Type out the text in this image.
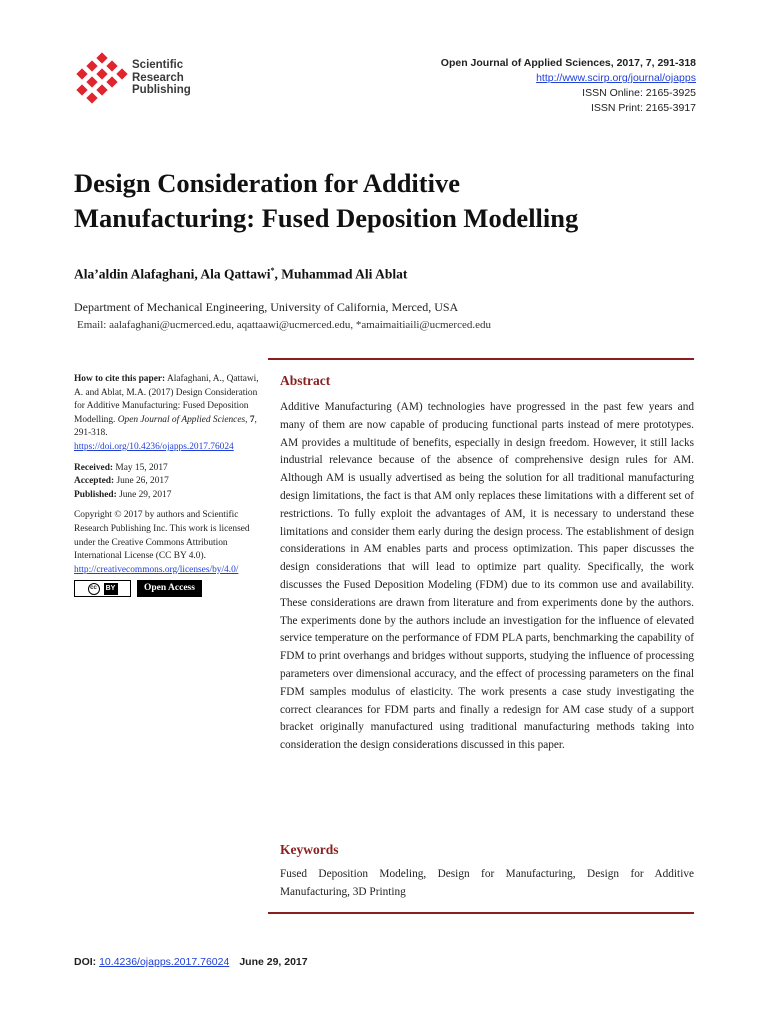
Scientific
Research
Publishing
Open Journal of Applied Sciences, 2017, 7, 291-318
http://www.scirp.org/journal/ojapps
ISSN Online: 2165-3925
ISSN Print: 2165-3917
Design Consideration for Additive
Manufacturing: Fused Deposition Modelling
Ala’aldin Alafaghani, Ala Qattawi*, Muhammad Ali Ablat
Department of Mechanical Engineering, University of California, Merced, USA
Email: aalafaghani@ucmerced.edu, aqattaawi@ucmerced.edu, *amaimaitiaili@ucmerced.edu

How to cite this paper: Alafaghani, A., Qattawi, A. and Ablat, M.A. (2017) Design Consideration for Additive Manufacturing: Fused Deposition Modelling. Open Journal of Applied Sciences, 7, 291-318.

https://doi.org/10.4236/ojapps.2017.76024

Received: May 15, 2017

Accepted: June 26, 2017

Published: June 29, 2017

Copyright © 2017 by authors and Scientific Research Publishing Inc. This work is licensed under the Creative Commons Attribution International License (CC BY 4.0).

http://creativecommons.org/licenses/by/4.0/

cc	BY	Open Access
Abstract

Additive Manufacturing (AM) technologies have progressed in the past few years and many of them are now capable of producing functional parts instead of mere prototypes. AM provides a multitude of benefits, especially in design freedom. However, it still lacks industrial relevance because of the absence of comprehensive design rules for AM. Although AM is usually advertised as being the solution for all traditional manufacturing design limitations, the fact is that AM only replaces these limitations with a different set of restrictions. To fully exploit the advantages of AM, it is necessary to understand these limitations and consider them early during the design process. The establishment of design considerations in AM enables parts and process optimization. This paper discusses the design considerations that will lead to optimize part quality. Specifically, the work discusses the Fused Deposition Modeling (FDM) due to its common use and availability. These considerations are drawn from literature and from experiments done by the authors. The experiments done by the authors include an investigation for the influence of elevated service temperature on the performance of FDM PLA parts, benchmarking the capability of FDM to print overhangs and bridges without supports, studying the influence of processing parameters over dimensional accuracy, and the effect of processing parameters on the final FDM samples modulus of elasticity. The work presents a case study investigating the correct clearances for FDM parts and finally a redesign for AM case study of a support bracket originally manufactured using traditional manufacturing methods taking into consideration the design considerations discussed in this paper.

Keywords

Fused Deposition Modeling, Design for Manufacturing, Design for Additive Manufacturing, 3D Printing

DOI: 10.4236/ojapps.2017.76024 June 29, 2017
